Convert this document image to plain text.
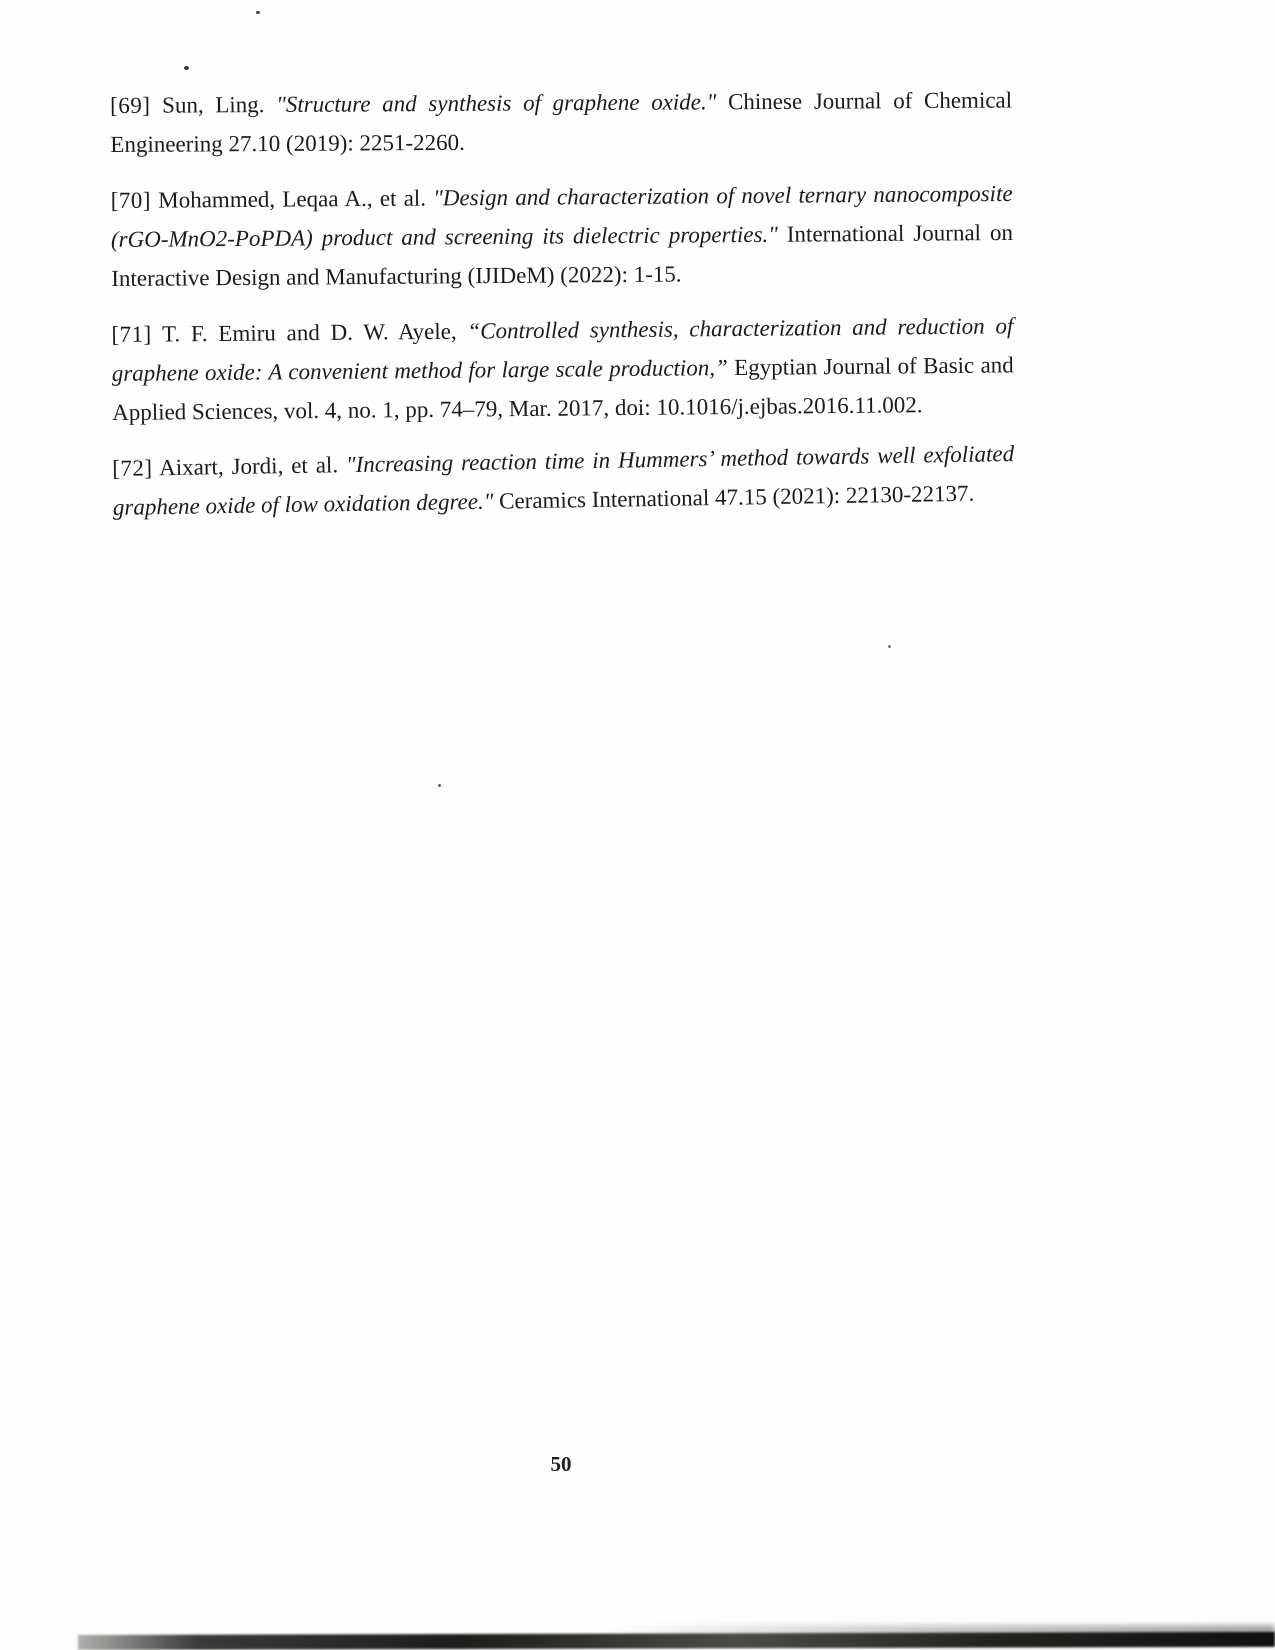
[69] Sun, Ling. "Structure and synthesis of graphene oxide." Chinese Journal of Chemical Engineering 27.10 (2019): 2251-2260.

[70] Mohammed, Leqaa A., et al. "Design and characterization of novel ternary nanocomposite (rGO-MnO2-PoPDA) product and screening its dielectric properties." International Journal on Interactive Design and Manufacturing (IJIDeM) (2022): 1-15.

[71] T. F. Emiru and D. W. Ayele, “Controlled synthesis, characterization and reduction of graphene oxide: A convenient method for large scale production,” Egyptian Journal of Basic and Applied Sciences, vol. 4, no. 1, pp. 74–79, Mar. 2017, doi: 10.1016/j.ejbas.2016.11.002.

[72] Aixart, Jordi, et al. "Increasing reaction time in Hummers’ method towards well exfoliated graphene oxide of low oxidation degree." Ceramics International 47.15 (2021): 22130-22137.

50
